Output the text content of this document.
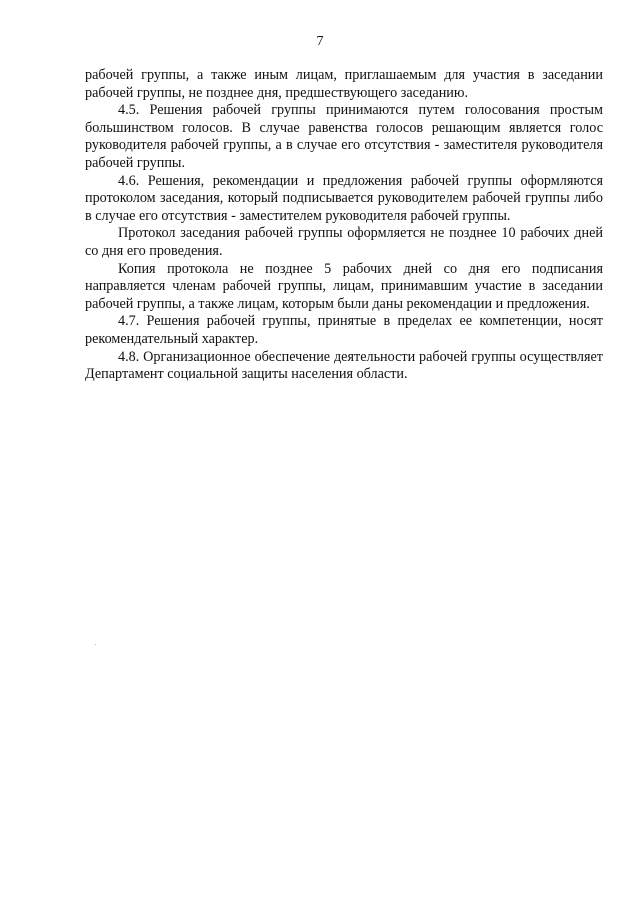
7

рабочей группы, а также иным лицам, приглашаемым для участия в заседании рабочей группы, не позднее дня, предшествующего заседанию.

4.5. Решения рабочей группы принимаются путем голосования простым большинством голосов. В случае равенства голосов решающим является голос руководителя рабочей группы, а в случае его отсутствия - заместителя руководителя рабочей группы.

4.6. Решения, рекомендации и предложения рабочей группы оформляются протоколом заседания, который подписывается руководителем рабочей группы либо в случае его отсутствия - заместителем руководителя рабочей группы.

Протокол заседания рабочей группы оформляется не позднее 10 рабочих дней со дня его проведения.

Копия протокола не позднее 5 рабочих дней со дня его подписания направляется членам рабочей группы, лицам, принимавшим участие в заседании рабочей группы, а также лицам, которым были даны рекомендации и предложения.

4.7. Решения рабочей группы, принятые в пределах ее компетенции, носят рекомендательный характер.

4.8. Организационное обеспечение деятельности рабочей группы осуществляет Департамент социальной защиты населения области.
